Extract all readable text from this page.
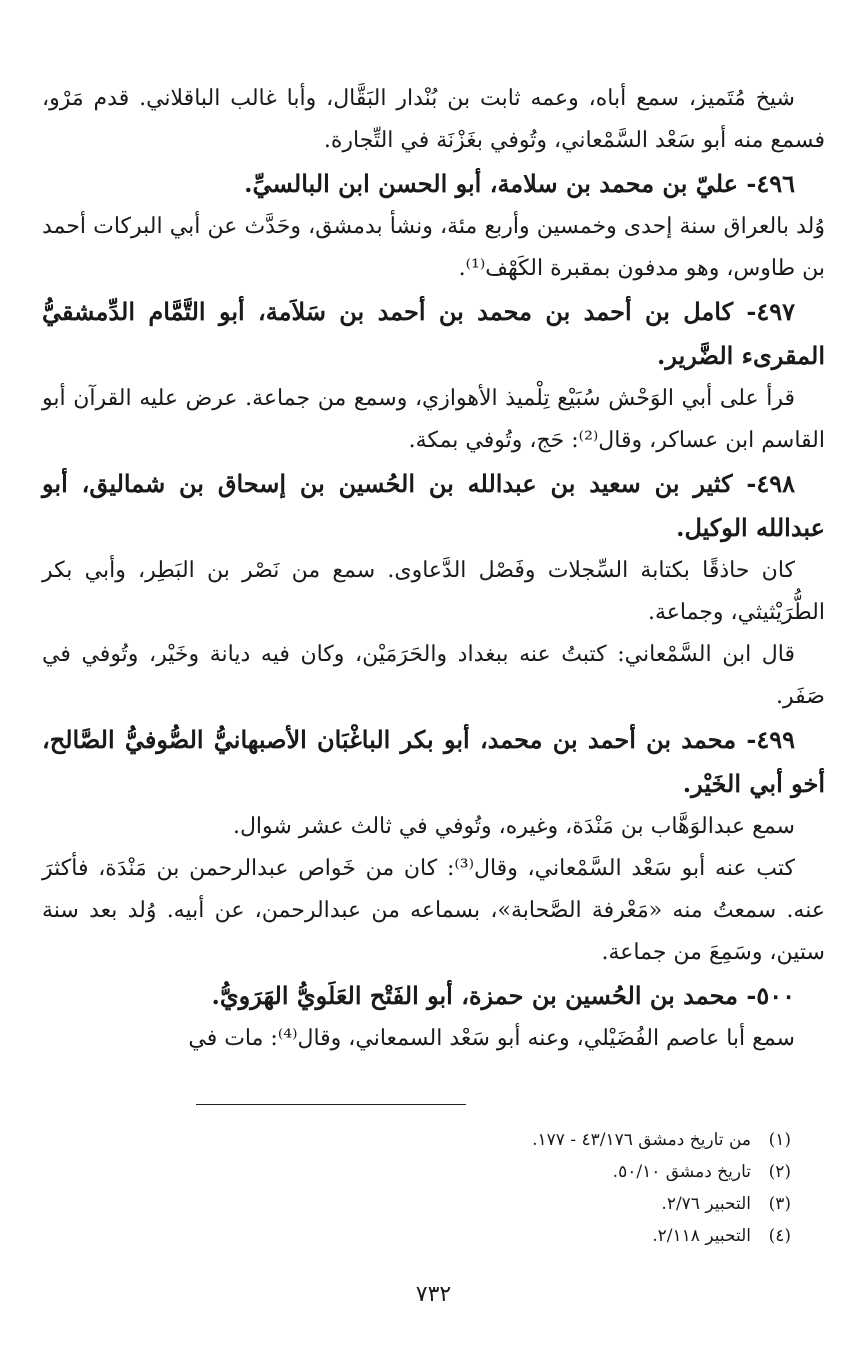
شيخ مُتَميز، سمع أباه، وعمه ثابت بن بُنْدار البَقَّال، وأبا غالب الباقلاني. قدم مَرْو، فسمع منه أبو سَعْد السَّمْعاني، وتُوفي بغَزْنَة في التِّجارة.

٤٩٦- عليّ بن محمد بن سلامة، أبو الحسن ابن البالسيِّ.

وُلد بالعراق سنة إحدى وخمسين وأربع مئة، ونشأ بدمشق، وحَدَّث عن أبي البركات أحمد بن طاوس، وهو مدفون بمقبرة الكَهْف⁽¹⁾.

٤٩٧- كامل بن أحمد بن محمد بن أحمد بن سَلاَمة، أبو التَّمَّام الدِّمشقيُّ المقرىء الضَّرير.

قرأ على أبي الوَحْش سُبَيْع تِلْميذ الأهوازي، وسمع من جماعة. عرض عليه القرآن أبو القاسم ابن عساكر، وقال⁽²⁾: حَج، وتُوفي بمكة.

٤٩٨- كثير بن سعيد بن عبدالله بن الحُسين بن إسحاق بن شماليق، أبو عبدالله الوكيل.

كان حاذقًا بكتابة السِّجلات وفَصْل الدَّعاوى. سمع من نَصْر بن البَطِر، وأبي بكر الطُّرَيْثيثي، وجماعة.

قال ابن السَّمْعاني: كتبتُ عنه ببغداد والحَرَمَيْن، وكان فيه ديانة وخَيْر، وتُوفي في صَفَر.

٤٩٩- محمد بن أحمد بن محمد، أبو بكر الباغْبَان الأصبهانيُّ الصُّوفيُّ الصَّالح، أخو أبي الخَيْر.

سمع عبدالوَهَّاب بن مَنْدَة، وغيره، وتُوفي في ثالث عشر شوال.

كتب عنه أبو سَعْد السَّمْعاني، وقال⁽³⁾: كان من خَواص عبدالرحمن بن مَنْدَة، فأكثرَ عنه. سمعتُ منه «مَعْرفة الصَّحابة»، بسماعه من عبدالرحمن، عن أبيه. وُلد بعد سنة ستين، وسَمِعَ من جماعة.

٥٠٠- محمد بن الحُسين بن حمزة، أبو الفَتْح العَلَويُّ الهَرَويُّ.

سمع أبا عاصم الفُضَيْلي، وعنه أبو سَعْد السمعاني، وقال⁽⁴⁾: مات في

(١)من تاريخ دمشق ٤٣/١٧٦ - ١٧٧.
(٢)تاريخ دمشق ٥٠/١٠.
(٣)التحبير ٢/٧٦.
(٤)التحبير ٢/١١٨.
٧٣٢
